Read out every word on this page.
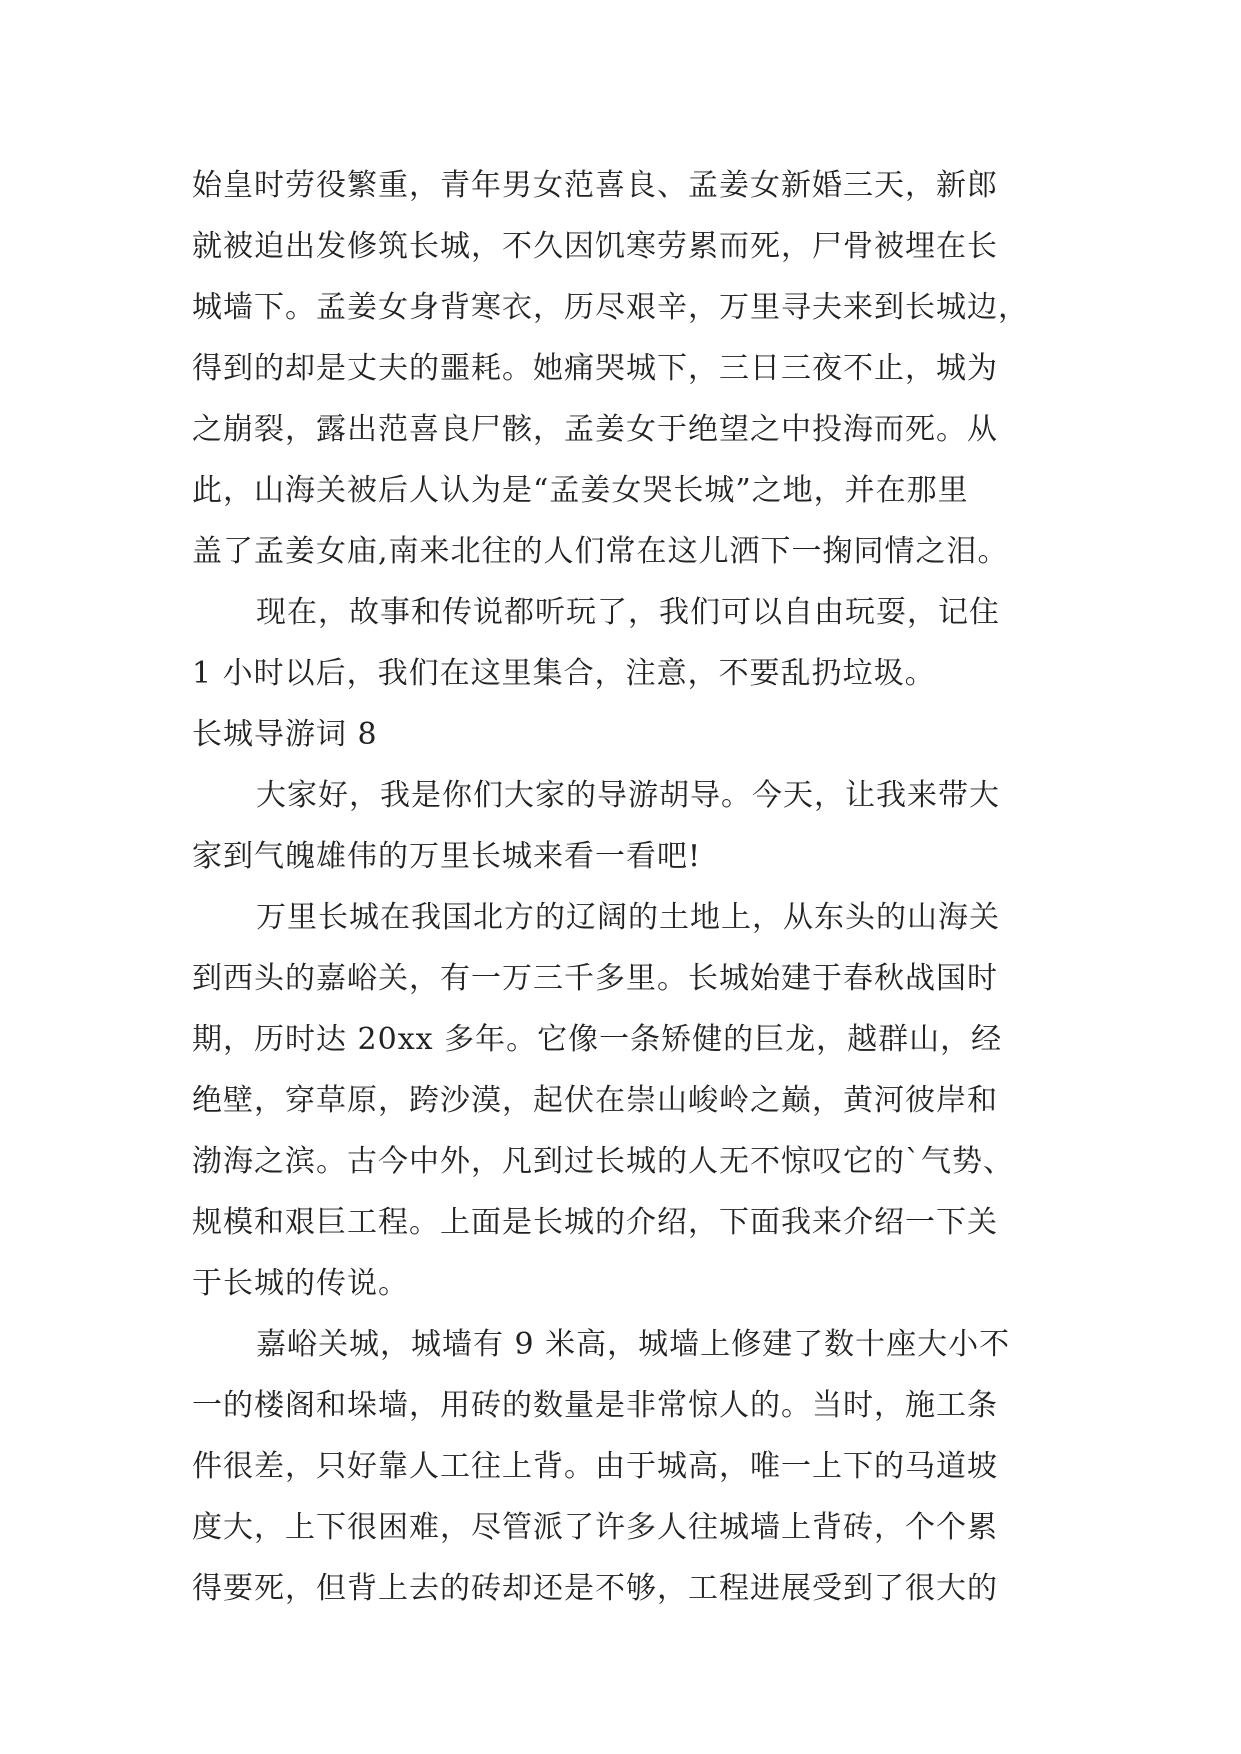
始皇时劳役繁重，青年男女范喜良、孟姜女新婚三天，新郎
就被迫出发修筑长城，不久因饥寒劳累而死，尸骨被埋在长
城墙下。孟姜女身背寒衣，历尽艰辛，万里寻夫来到长城边，
得到的却是丈夫的噩耗。她痛哭城下，三日三夜不止，城为
之崩裂，露出范喜良尸骸，孟姜女于绝望之中投海而死。从
此，山海关被后人认为是“孟姜女哭长城”之地，并在那里
盖了孟姜女庙,南来北往的人们常在这儿洒下一掬同情之泪。
现在，故事和传说都听玩了，我们可以自由玩耍，记住
1 小时以后，我们在这里集合，注意，不要乱扔垃圾。
长城导游词 8
大家好，我是你们大家的导游胡导。今天，让我来带大
家到气魄雄伟的万里长城来看一看吧!
万里长城在我国北方的辽阔的土地上，从东头的山海关
到西头的嘉峪关，有一万三千多里。长城始建于春秋战国时
期，历时达 20xx 多年。它像一条矫健的巨龙，越群山，经
绝壁，穿草原，跨沙漠，起伏在崇山峻岭之巅，黄河彼岸和
渤海之滨。古今中外，凡到过长城的人无不惊叹它的`气势、
规模和艰巨工程。上面是长城的介绍，下面我来介绍一下关
于长城的传说。
嘉峪关城，城墙有 9 米高，城墙上修建了数十座大小不
一的楼阁和垛墙，用砖的数量是非常惊人的。当时，施工条
件很差，只好靠人工往上背。由于城高，唯一上下的马道坡
度大，上下很困难，尽管派了许多人往城墙上背砖，个个累
得要死，但背上去的砖却还是不够，工程进展受到了很大的
